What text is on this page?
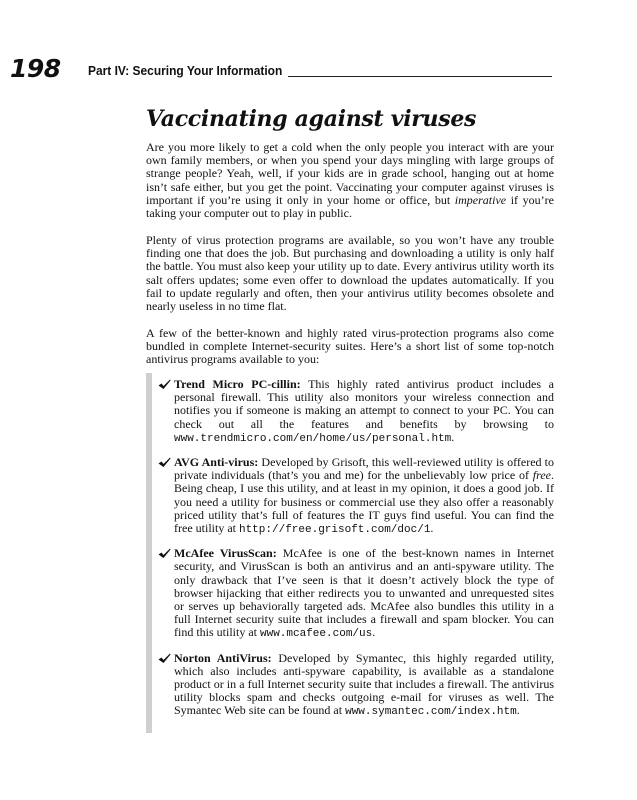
198 Part IV: Securing Your Information
Vaccinating against viruses

Are you more likely to get a cold when the only people you interact with are your own family members, or when you spend your days mingling with large groups of strange people? Yeah, well, if your kids are in grade school, hanging out at home isn’t safe either, but you get the point. Vaccinating your computer against viruses is important if you’re using it only in your home or office, but imperative if you’re taking your computer out to play in public.

Plenty of virus protection programs are available, so you won’t have any trouble finding one that does the job. But purchasing and downloading a utility is only half the battle. You must also keep your utility up to date. Every antivirus utility worth its salt offers updates; some even offer to download the updates automatically. If you fail to update regularly and often, then your antivirus utility becomes obsolete and nearly useless in no time flat.

A few of the better-known and highly rated virus-protection programs also come bundled in complete Internet-security suites. Here’s a short list of some top-notch antivirus programs available to you:

Trend Micro PC-cillin: This highly rated antivirus product includes a personal firewall. This utility also monitors your wireless connection and notifies you if someone is making an attempt to connect to your PC. You can check out all the features and benefits by browsing to www.trendmicro.com/en/home/us/personal.htm.

AVG Anti-virus: Developed by Grisoft, this well-reviewed utility is offered to private individuals (that’s you and me) for the unbelievably low price of free. Being cheap, I use this utility, and at least in my opinion, it does a good job. If you need a utility for business or commercial use they also offer a reasonably priced utility that’s full of features the IT guys find useful. You can find the free utility at http://free.grisoft.com/doc/1.

McAfee VirusScan: McAfee is one of the best-known names in Internet security, and VirusScan is both an antivirus and an anti-spyware utility. The only drawback that I’ve seen is that it doesn’t actively block the type of browser hijacking that either redirects you to unwanted and unrequested sites or serves up behaviorally targeted ads. McAfee also bundles this utility in a full Internet security suite that includes a firewall and spam blocker. You can find this utility at www.mcafee.com/us.

Norton AntiVirus: Developed by Symantec, this highly regarded utility, which also includes anti-spyware capability, is available as a standalone product or in a full Internet security suite that includes a firewall. The antivirus utility blocks spam and checks outgoing e-mail for viruses as well. The Symantec Web site can be found at www.symantec.com/index.htm.
